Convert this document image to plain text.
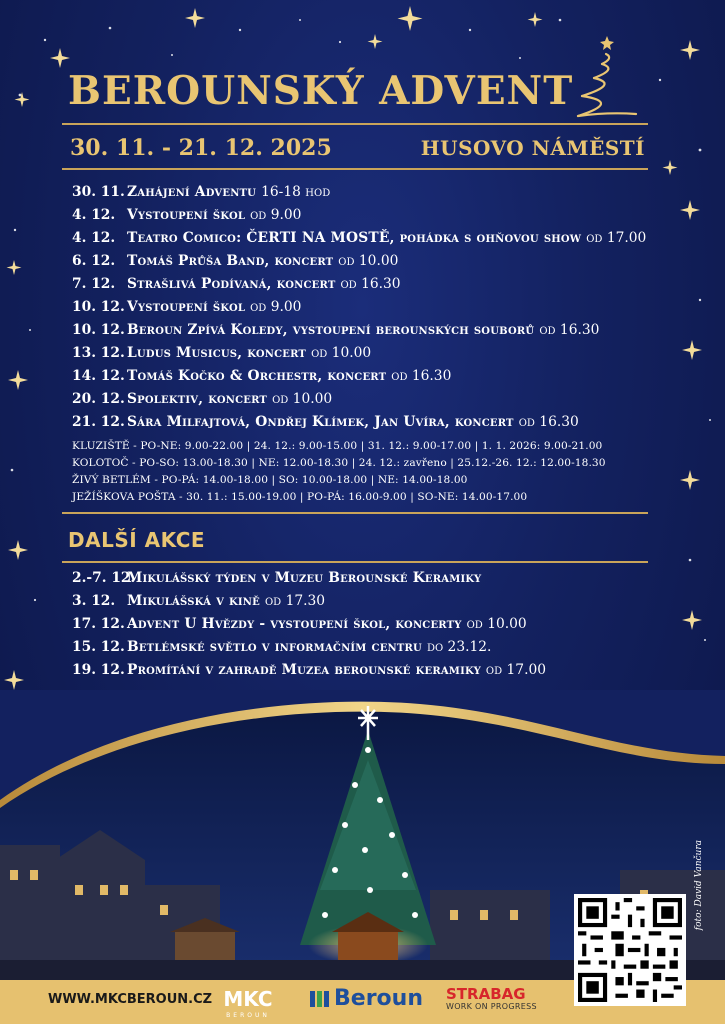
BEROUNSKÝ ADVENT
30. 11. - 21. 12. 2025	HUSOVO NÁMĚSTÍ
30. 11. Zahájení Adventu 16-18 hod
4. 12. Vystoupení škol od 9.00
4. 12. Teatro Comico: ČERTI NA MOSTĚ, pohádka s ohňovou show od 17.00
6. 12. Tomáš Průša Band, koncert od 10.00
7. 12. Strašlivá Podívaná, koncert od 16.30
10. 12. Vystoupení škol od 9.00
10. 12. Beroun Zpívá Koledy, vystoupení berounských souborů od 16.30
13. 12. Ludus Musicus, koncert od 10.00
14. 12. Tomáš Kočko & Orchestr, koncert od 16.30
20. 12. Spolektiv, koncert od 10.00
21. 12. Sára Milfajtová, Ondřej Klímek, Jan Uvíra, koncert od 16.30
KLUZIŠTĚ - PO-NE: 9.00-22.00 | 24. 12.: 9.00-15.00 | 31. 12.: 9.00-17.00 | 1. 1. 2026: 9.00-21.00
KOLOTOČ - PO-SO: 13.00-18.30 | NE: 12.00-18.30 | 24. 12.: zavřeno | 25.12.-26. 12.: 12.00-18.30
ŽIVÝ BETLÉM - PO-PÁ: 14.00-18.00 | SO: 10.00-18.00 | NE: 14.00-18.00
JEŽÍŠKOVA POŠTA - 30. 11.: 15.00-19.00 | PO-PÁ: 16.00-9.00 | SO-NE: 14.00-17.00
DALŠÍ AKCE
2.-7. 12.
Mikulášský týden v Muzeu Berounské Keramiky
3. 12. Mikulášská v kině od 17.30
17. 12. Advent U Hvězdy - vystoupení škol, koncerty od 10.00
15. 12. Betlémské světlo v informačním centru do 23.12.
19. 12. Promítání v zahradě Muzea berounské keramiky od 17.00
foto: David Vančura
WWW.MKCBEROUN.CZ MKC
BEROUN
Beroun STRABAG
WORK ON PROGRESS
